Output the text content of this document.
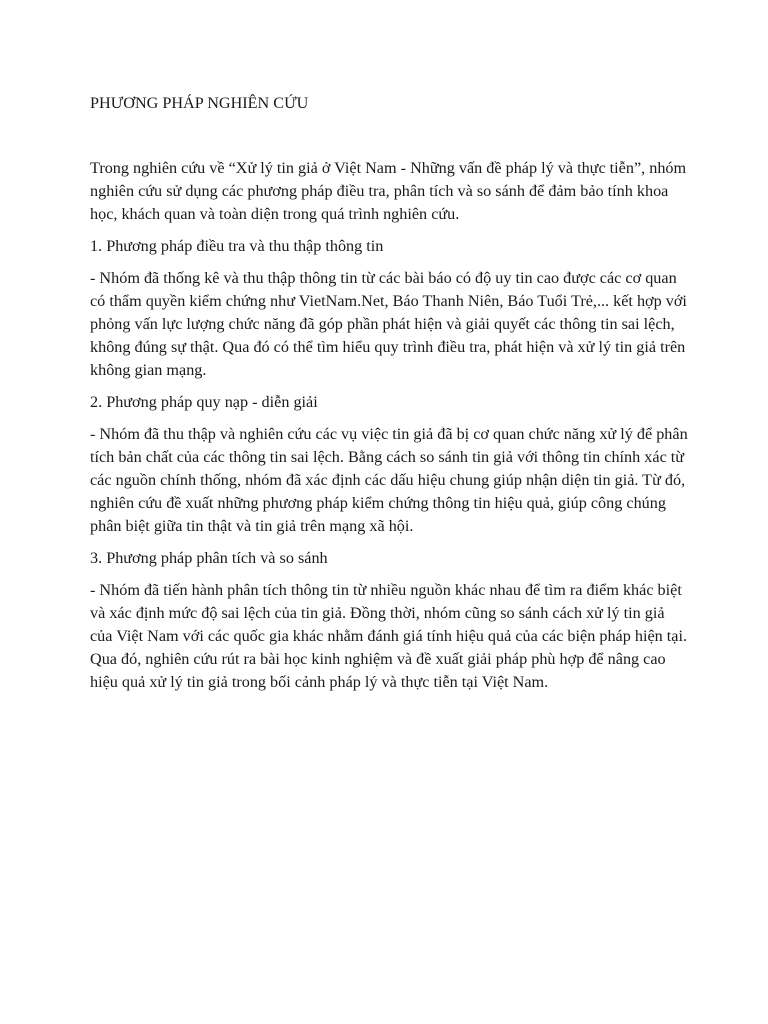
PHƯƠNG PHÁP NGHIÊN CỨU

Trong nghiên cứu về “Xử lý tin giả ở Việt Nam - Những vấn đề pháp lý và thực tiễn”, nhóm nghiên cứu sử dụng các phương pháp điều tra, phân tích và so sánh để đảm bảo tính khoa học, khách quan và toàn diện trong quá trình nghiên cứu.

1. Phương pháp điều tra và thu thập thông tin

- Nhóm đã thống kê và thu thập thông tin từ các bài báo có độ uy tin cao được các cơ quan có thẩm quyền kiểm chứng như VietNam.Net, Báo Thanh Niên, Báo Tuổi Trẻ,... kết hợp với phỏng vấn lực lượng chức năng đã góp phần phát hiện và giải quyết các thông tin sai lệch, không đúng sự thật. Qua đó có thể tìm hiểu quy trình điều tra, phát hiện và xử lý tin giả trên không gian mạng.

2. Phương pháp quy nạp - diễn giải

- Nhóm đã thu thập và nghiên cứu các vụ việc tin giả đã bị cơ quan chức năng xử lý để phân tích bản chất của các thông tin sai lệch. Bằng cách so sánh tin giả với thông tin chính xác từ các nguồn chính thống, nhóm đã xác định các dấu hiệu chung giúp nhận diện tin giả. Từ đó, nghiên cứu đề xuất những phương pháp kiểm chứng thông tin hiệu quả, giúp công chúng phân biệt giữa tin thật và tin giả trên mạng xã hội.

3. Phương pháp phân tích và so sánh

- Nhóm đã tiến hành phân tích thông tin từ nhiều nguồn khác nhau để tìm ra điểm khác biệt và xác định mức độ sai lệch của tin giả. Đồng thời, nhóm cũng so sánh cách xử lý tin giả của Việt Nam với các quốc gia khác nhằm đánh giá tính hiệu quả của các biện pháp hiện tại. Qua đó, nghiên cứu rút ra bài học kinh nghiệm và đề xuất giải pháp phù hợp để nâng cao hiệu quả xử lý tin giả trong bối cảnh pháp lý và thực tiễn tại Việt Nam.
